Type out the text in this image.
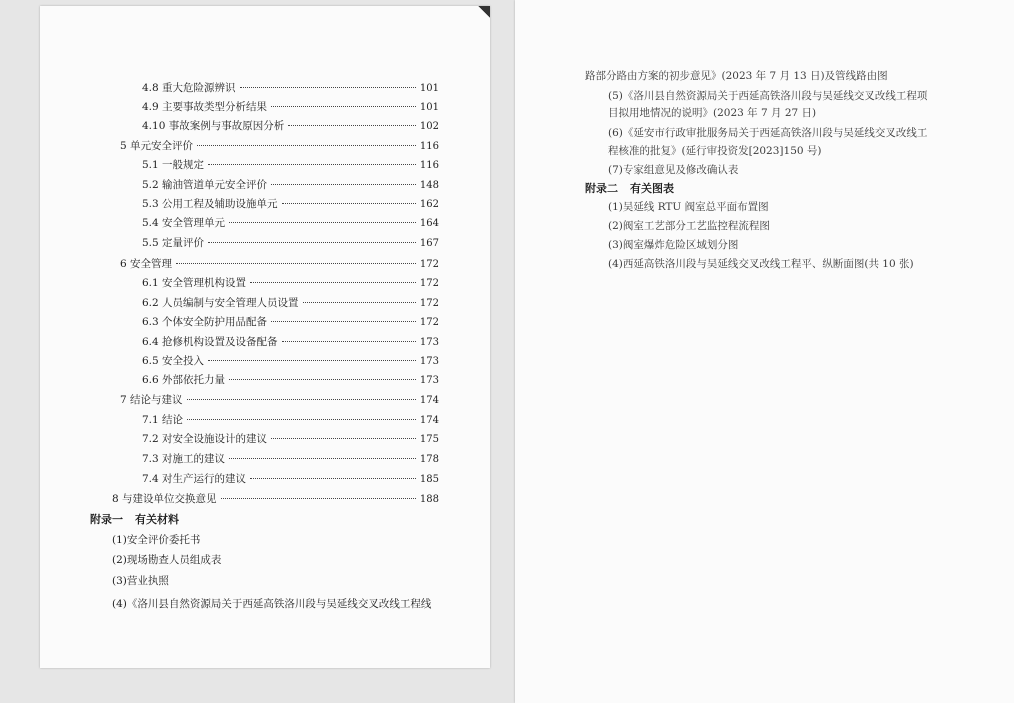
4.8 重大危险源辨识	101
4.9 主要事故类型分析结果	101
4.10 事故案例与事故原因分析	102
5 单元安全评价	116
5.1 一般规定	116
5.2 输油管道单元安全评价	148
5.3 公用工程及辅助设施单元	162
5.4 安全管理单元	164
5.5 定量评价	167
6 安全管理	172
6.1 安全管理机构设置	172
6.2 人员编制与安全管理人员设置	172
6.3 个体安全防护用品配备	172
6.4 抢修机构设置及设备配备	173
6.5 安全投入	173
6.6 外部依托力量	173
7 结论与建议	174
7.1 结论	174
7.2 对安全设施设计的建议	175
7.3 对施工的建议	178
7.4 对生产运行的建议	185
8 与建设单位交换意见	188
附录一 有关材料
(1)安全评价委托书
(2)现场勘查人员组成表
(3)营业执照
(4)《洛川县自然资源局关于西延高铁洛川段与吴延线交叉改线工程线
路部分路由方案的初步意见》(2023 年 7 月 13 日)及管线路由图
(5)《洛川县自然资源局关于西延高铁洛川段与吴延线交叉改线工程项
目拟用地情况的说明》(2023 年 7 月 27 日)
(6)《延安市行政审批服务局关于西延高铁洛川段与吴延线交叉改线工
程核准的批复》(延行审投资发[2023]150 号)
(7)专家组意见及修改确认表
附录二 有关图表
(1)吴延线 RTU 阀室总平面布置图
(2)阀室工艺部分工艺监控程流程图
(3)阀室爆炸危险区域划分图
(4)西延高铁洛川段与吴延线交叉改线工程平、纵断面图(共 10 张)
